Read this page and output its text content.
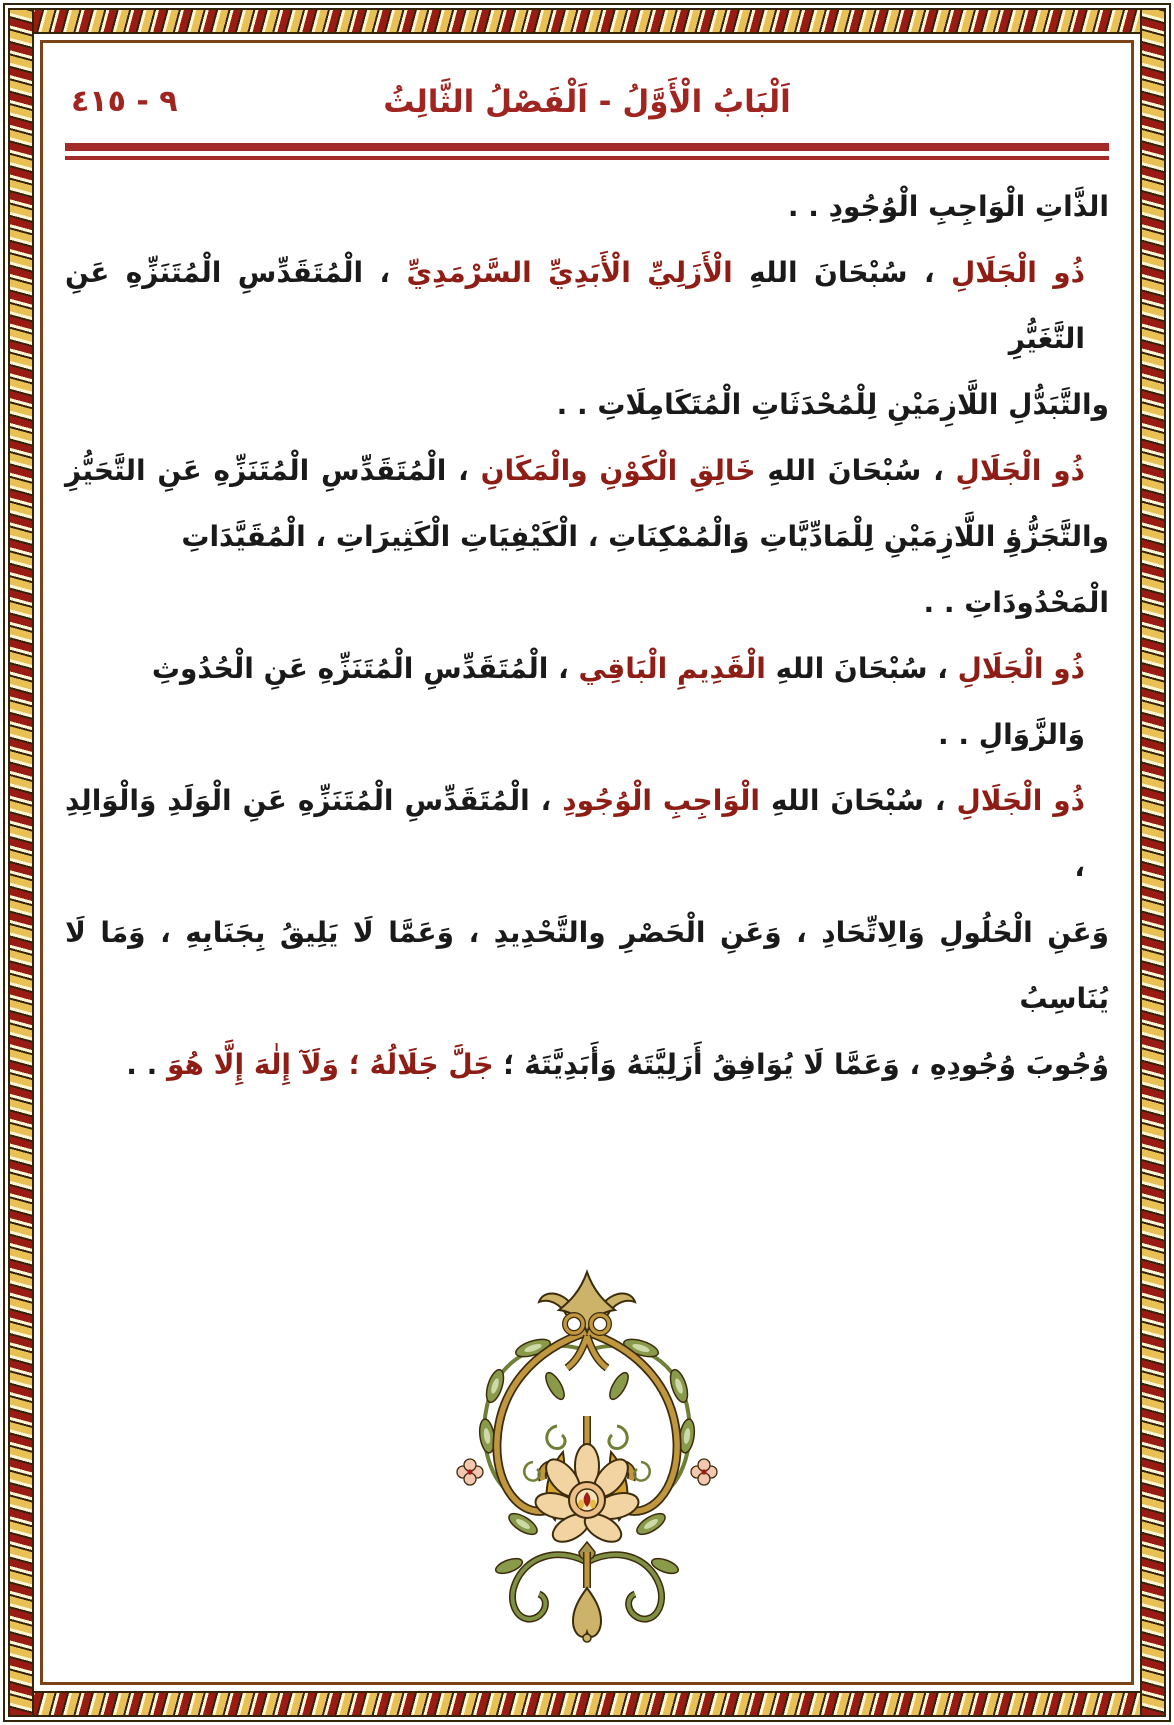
اَلْبَابُ الْأَوَّلُ - اَلْفَصْلُ الثَّالِثُ
٩ - ٤١٥
الذَّاتِ الْوَاجِبِ الْوُجُودِ . .
ذُو الْجَلَالِ ، سُبْحَانَ اللهِ الْأَزَلِيِّ الْأَبَدِيِّ السَّرْمَدِيِّ ، الْمُتَقَدِّسِ الْمُتَنَزِّهِ عَنِ التَّغَيُّرِ
والتَّبَدُّلِ اللَّازِمَيْنِ لِلْمُحْدَثَاتِ الْمُتَكَامِلَاتِ . .
ذُو الْجَلَالِ ، سُبْحَانَ اللهِ خَالِقِ الْكَوْنِ والْمَكَانِ ، الْمُتَقَدِّسِ الْمُتَنَزِّهِ عَنِ التَّحَيُّزِ
والتَّجَزُّؤِ اللَّازِمَيْنِ لِلْمَادِّيَّاتِ وَالْمُمْكِنَاتِ ، الْكَيْفِيَاتِ الْكَثِيرَاتِ ، الْمُقَيَّدَاتِ الْمَحْدُودَاتِ . .
ذُو الْجَلَالِ ، سُبْحَانَ اللهِ الْقَدِيمِ الْبَاقِي ، الْمُتَقَدِّسِ الْمُتَنَزِّهِ عَنِ الْحُدُوثِ وَالزَّوَالِ . .
ذُو الْجَلَالِ ، سُبْحَانَ اللهِ الْوَاجِبِ الْوُجُودِ ، الْمُتَقَدِّسِ الْمُتَنَزِّهِ عَنِ الْوَلَدِ وَالْوَالِدِ ،
وَعَنِ الْحُلُولِ وَالِاتِّحَادِ ، وَعَنِ الْحَصْرِ والتَّحْدِيدِ ، وَعَمَّا لَا يَلِيقُ بِجَنَابِهِ ، وَمَا لَا يُنَاسِبُ
وُجُوبَ وُجُودِهِ ، وَعَمَّا لَا يُوَافِقُ أَزَلِيَّتَهُ وَأَبَدِيَّتَهُ ؛ جَلَّ جَلَالُهُ ؛ وَلَآ إِلٰهَ إِلَّا هُوَ . .
